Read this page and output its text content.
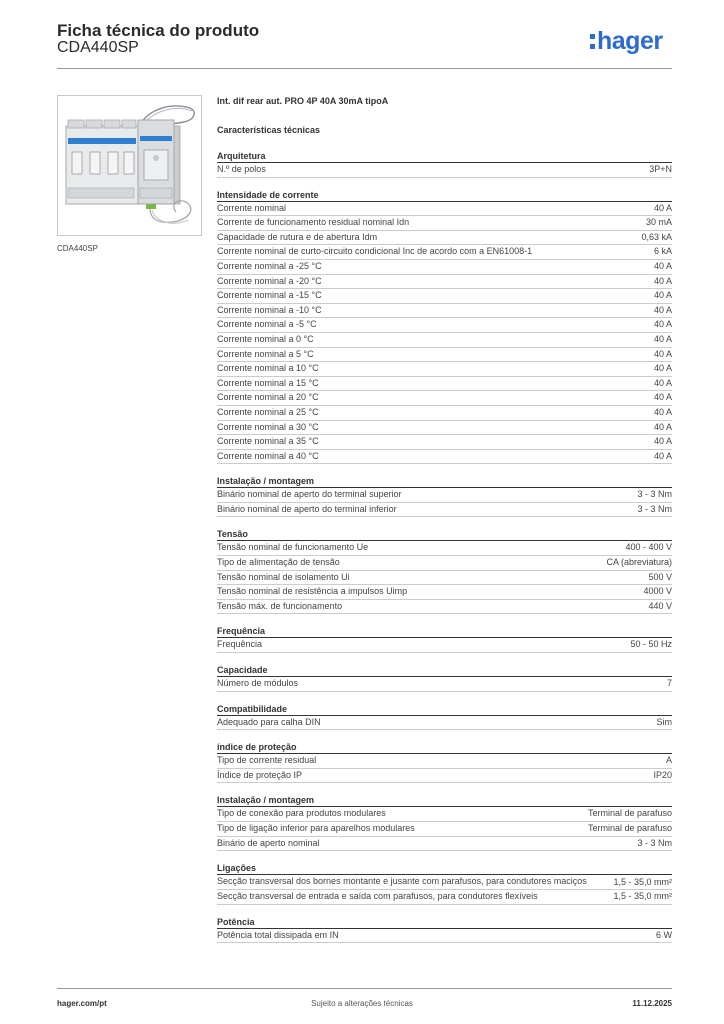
Ficha técnica do produto
CDA440SP	hager
CDA440SP
Int. dif rear aut. PRO 4P 40A 30mA tipoA
Características técnicas
Arquitetura
N.º de polos	3P+N
Intensidade de corrente
Corrente nominal	40 A
Corrente de funcionamento residual nominal Idn	30 mA
Capacidade de rutura e de abertura Idm	0,63 kA
Corrente nominal de curto-circuito condicional Inc de acordo com a EN61008-1	6 kA
Corrente nominal a -25 °C	40 A
Corrente nominal a -20 °C	40 A
Corrente nominal a -15 °C	40 A
Corrente nominal a -10 °C	40 A
Corrente nominal a -5 °C	40 A
Corrente nominal a 0 °C	40 A
Corrente nominal a 5 °C	40 A
Corrente nominal a 10 °C	40 A
Corrente nominal a 15 °C	40 A
Corrente nominal a 20 °C	40 A
Corrente nominal a 25 °C	40 A
Corrente nominal a 30 °C	40 A
Corrente nominal a 35 °C	40 A
Corrente nominal a 40 °C	40 A
Instalação / montagem
Binário nominal de aperto do terminal superior	3 - 3 Nm
Binário nominal de aperto do terminal inferior	3 - 3 Nm
Tensão
Tensão nominal de funcionamento Ue	400 - 400 V
Tipo de alimentação de tensão	CA (abreviatura)
Tensão nominal de isolamento Ui	500 V
Tensão nominal de resistência a impulsos Uimp	4000 V
Tensão máx. de funcionamento	440 V
Frequência
Frequência	50 - 50 Hz
Capacidade
Número de módulos	7
Compatibilidade
Adequado para calha DIN	Sim
índice de proteção
Tipo de corrente residual	A
Índice de proteção IP	IP20
Instalação / montagem
Tipo de conexão para produtos modulares	Terminal de parafuso
Tipo de ligação inferior para aparelhos modulares	Terminal de parafuso
Binário de aperto nominal	3 - 3 Nm
Ligações
Secção transversal dos bornes montante e jusante com parafusos, para condutores maciços	1,5 - 35,0 mm²
Secção transversal de entrada e saída com parafusos, para condutores flexíveis	1,5 - 35,0 mm²
Potência
Potência total dissipada em IN	6 W
hager.com/pt	Sujeito a alterações técnicas	11.12.2025
